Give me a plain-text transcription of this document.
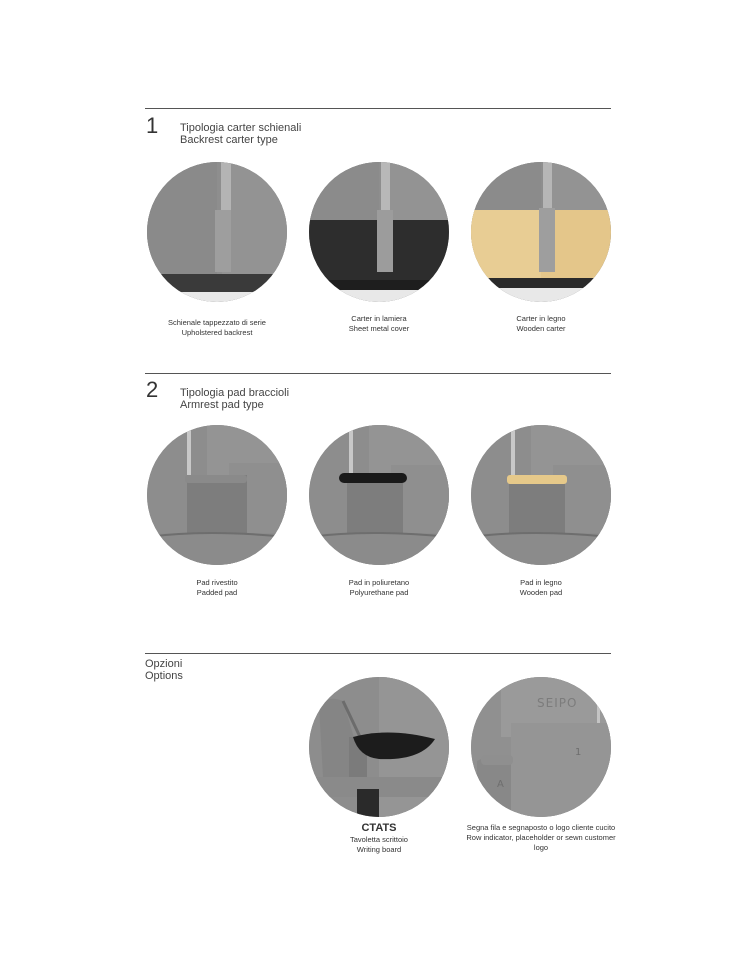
1 Tipologia carter schienali
Backrest carter type
Schienale tappezzato di serie
Upholstered backrest
Carter in lamiera
Sheet metal cover
Carter in legno
Wooden carter
2 Tipologia pad braccioli
Armrest pad type
Pad rivestito
Padded pad
Pad in poliuretano
Polyurethane pad
Pad in legno
Wooden pad
Opzioni
Options
CTATS
Tavoletta scrittoio
Writing board
SEIPO
1
A
Segna fila e segnaposto o logo cliente cucito
Row indicator, placeholder or sewn customer logo
